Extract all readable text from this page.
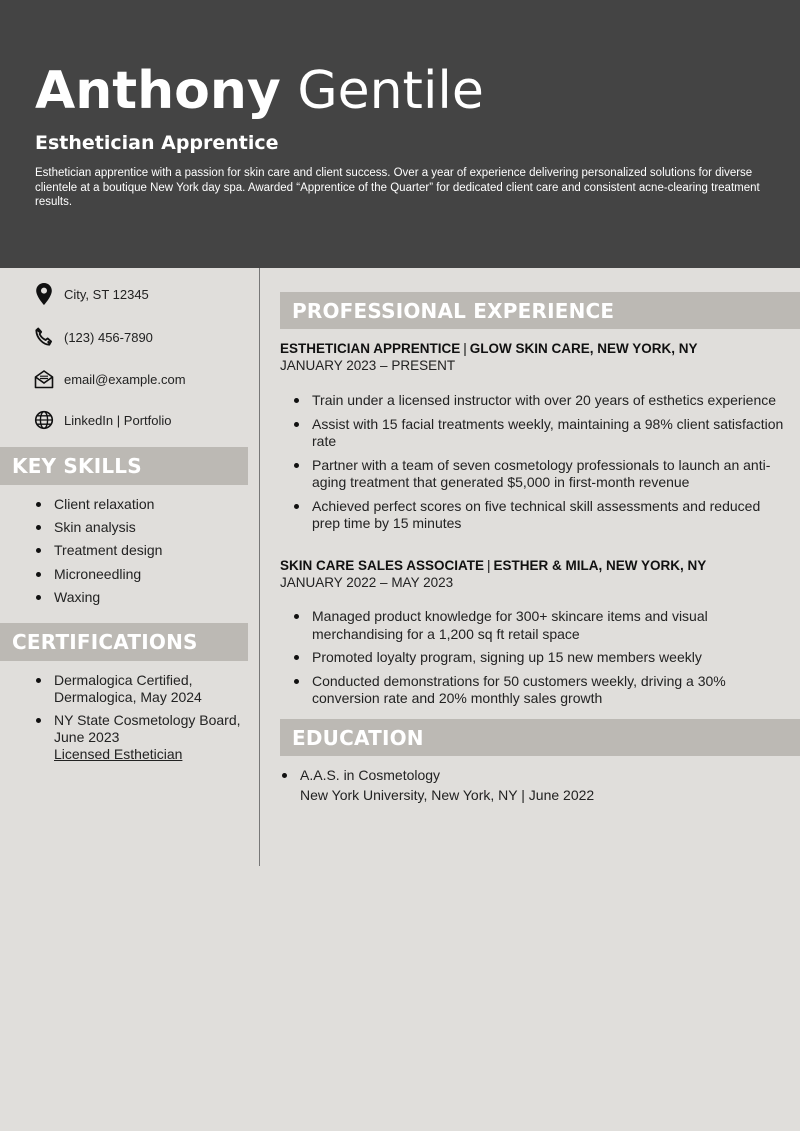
Anthony Gentile
Esthetician Apprentice
Esthetician apprentice with a passion for skin care and client success. Over a year of experience delivering personalized solutions for diverse clientele at a boutique New York day spa. Awarded “Apprentice of the Quarter” for dedicated client care and consistent acne-clearing treatment results.
City, ST 12345
(123) 456-7890
email@example.com
LinkedIn | Portfolio
KEY SKILLS
Client relaxation
Skin analysis
Treatment design
Microneedling
Waxing
CERTIFICATIONS
Dermalogica Certified,
Dermalogica, May 2024
NY State Cosmetology Board,
June 2023
Licensed Esthetician
PROFESSIONAL EXPERIENCE
ESTHETICIAN APPRENTICE | GLOW SKIN CARE, NEW YORK, NY
JANUARY 2023 – PRESENT
Train under a licensed instructor with over 20 years of esthetics experience
Assist with 15 facial treatments weekly, maintaining a 98% client satisfaction rate
Partner with a team of seven cosmetology professionals to launch an anti-aging treatment that generated $5,000 in first-month revenue
Achieved perfect scores on five technical skill assessments and reduced prep time by 15 minutes
SKIN CARE SALES ASSOCIATE | ESTHER & MILA, NEW YORK, NY
JANUARY 2022 – MAY 2023
Managed product knowledge for 300+ skincare items and visual merchandising for a 1,200 sq ft retail space
Promoted loyalty program, signing up 15 new members weekly
Conducted demonstrations for 50 customers weekly, driving a 30% conversion rate and 20% monthly sales growth
EDUCATION
A.A.S. in Cosmetology
New York University, New York, NY | June 2022
